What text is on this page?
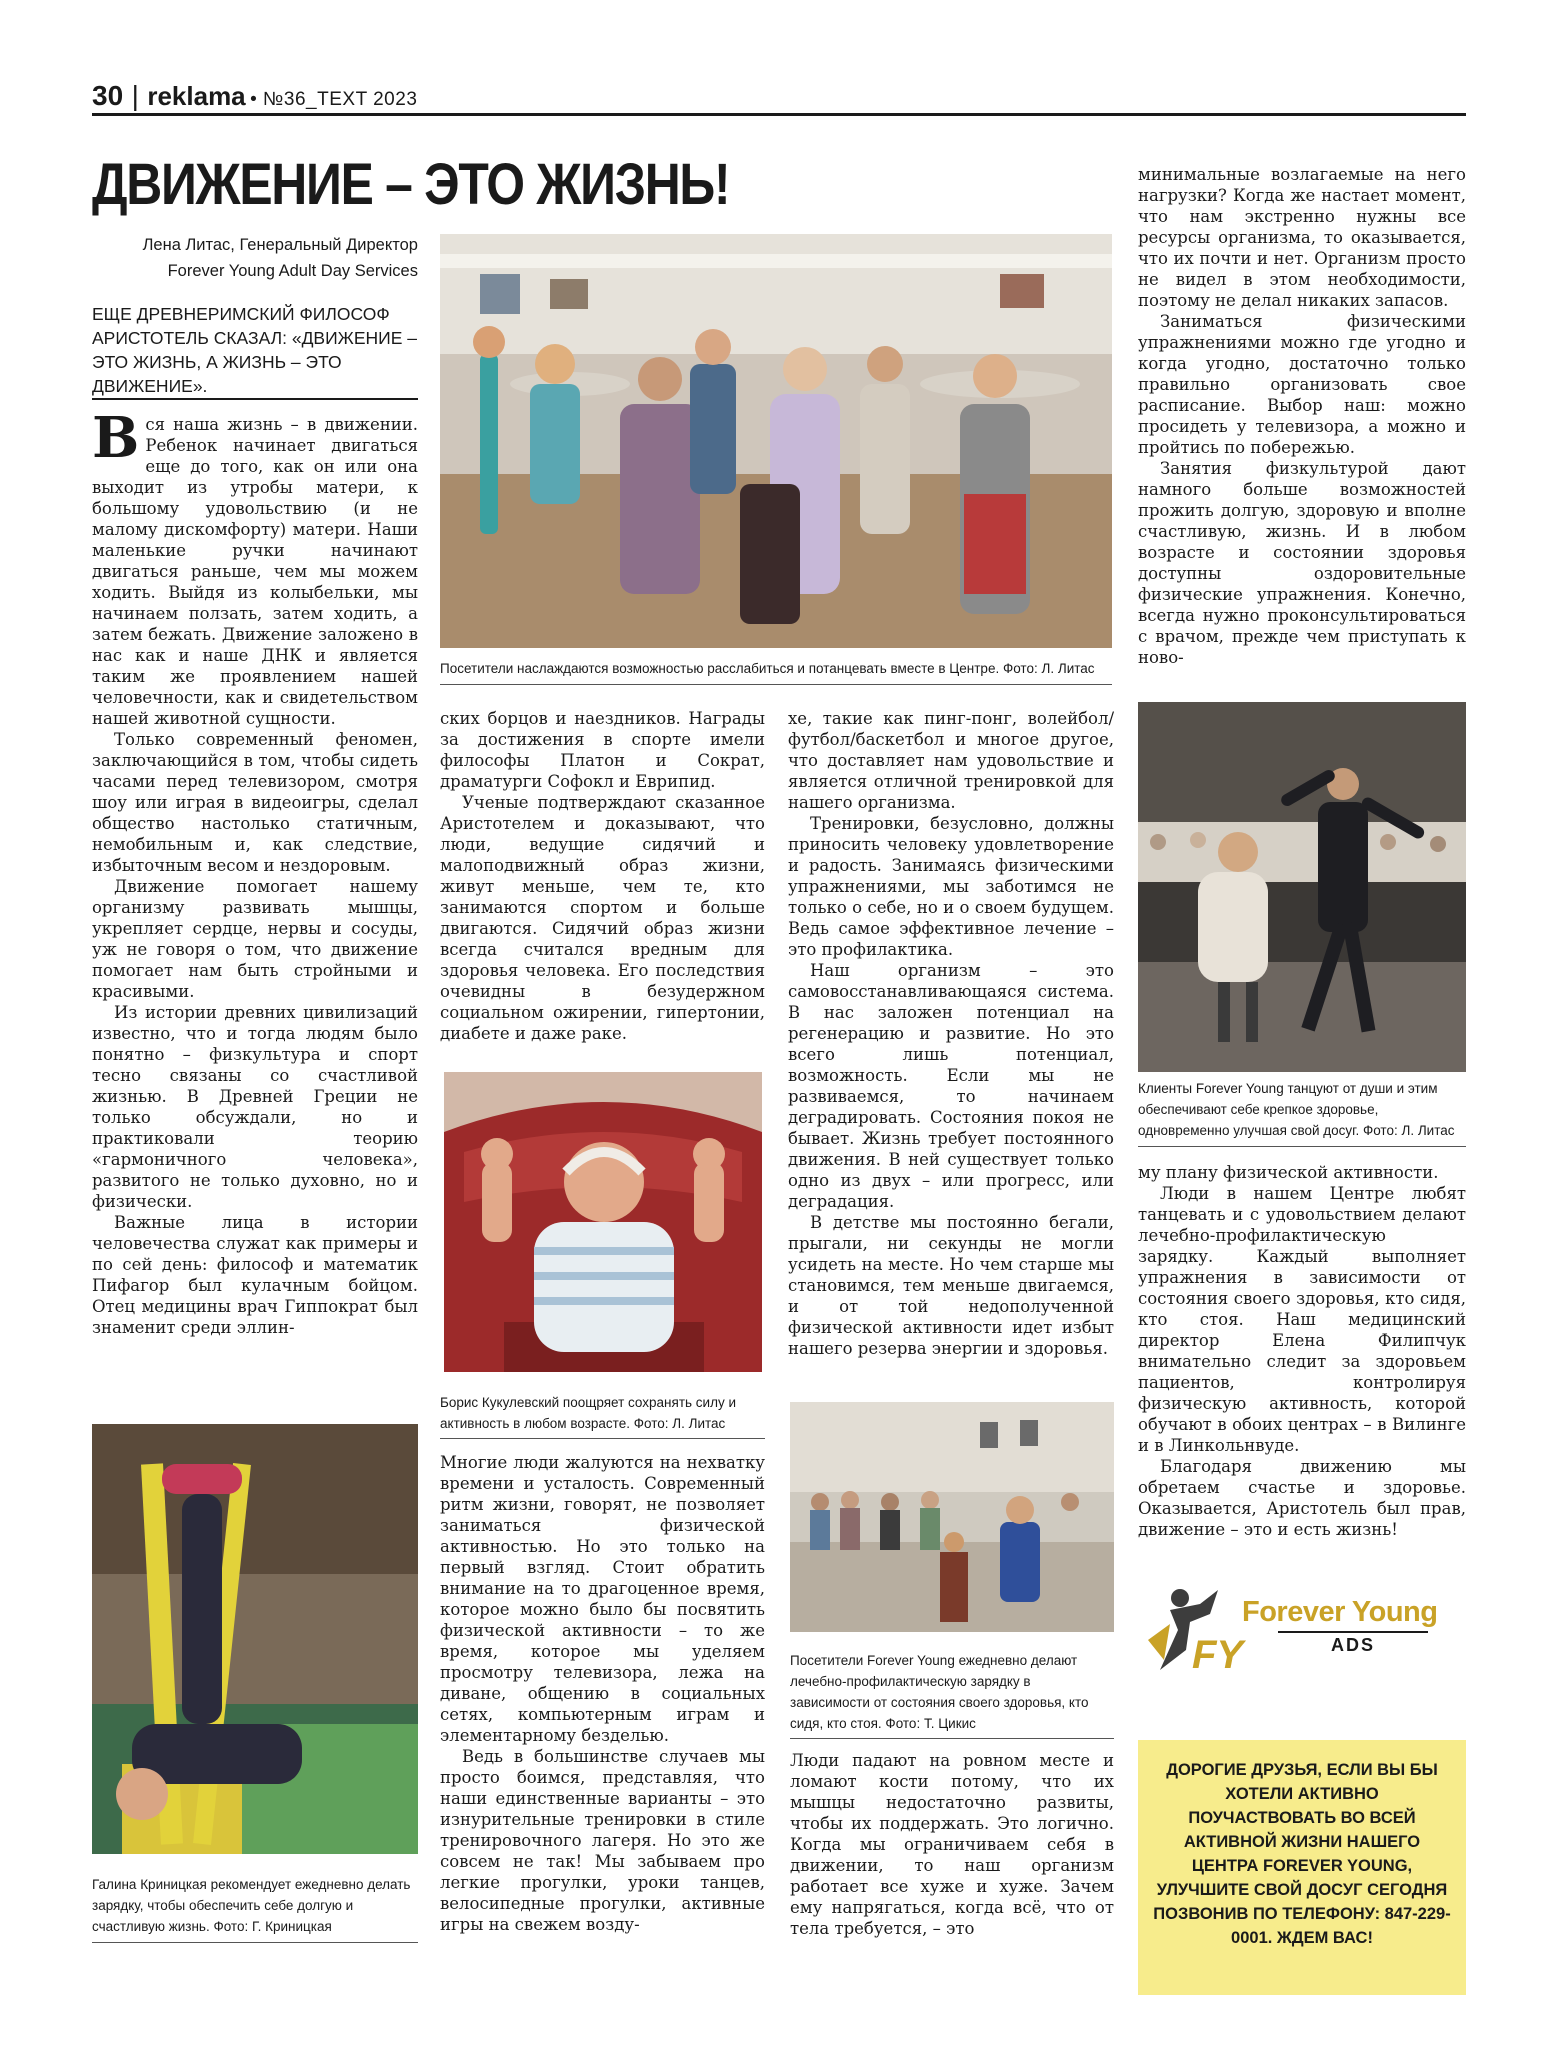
30 | reklama • №36_TEXT 2023
ДВИЖЕНИЕ – ЭТО ЖИЗНЬ!
Лена Литас, Генеральный Директор
Forever Young Adult Day Services
ЕЩЕ ДРЕВНЕРИМСКИЙ ФИЛОСОФ АРИСТОТЕЛЬ СКАЗАЛ: «ДВИЖЕНИЕ – ЭТО ЖИЗНЬ, А ЖИЗНЬ – ЭТО ДВИЖЕНИЕ».

Вся наша жизнь – в движении. Ребенок начинает двигаться еще до того, как он или она выходит из утробы матери, к большому удовольствию (и не малому дискомфорту) матери. Наши маленькие ручки начинают двигаться раньше, чем мы можем ходить. Выйдя из колыбельки, мы начинаем ползать, затем ходить, а затем бежать. Движение заложено в нас как и наше ДНК и является таким же проявлением нашей человечности, как и свидетельством нашей животной сущности.

Только современный феномен, заключающийся в том, чтобы сидеть часами перед телевизором, смотря шоу или играя в видеоигры, сделал общество настолько статичным, немобильным и, как следствие, избыточным весом и нездоровым.

Движение помогает нашему организму развивать мышцы, укрепляет сердце, нервы и сосуды, уж не говоря о том, что движение помогает нам быть стройными и красивыми.

Из истории древних цивилизаций известно, что и тогда людям было понятно – физкультура и спорт тесно связаны со счастливой жизнью. В Древней Греции не только обсуждали, но и практиковали теорию «гармоничного человека», развитого не только духовно, но и физически.

Важные лица в истории человечества служат как примеры и по сей день: философ и математик Пифагор был кулачным бойцом. Отец медицины врач Гиппократ был знаменит среди эллин-

Посетители наслаждаются возможностью расслабиться и потанцевать вместе в Центре. Фото: Л. Литас

минимальные возлагаемые на него нагрузки? Когда же настает момент, что нам экстренно нужны все ресурсы организма, то оказывается, что их почти и нет. Организм просто не видел в этом необходимости, поэтому не делал никаких запасов.

Заниматься физическими упражнениями можно где угодно и когда угодно, достаточно только правильно организовать свое расписание. Выбор наш: можно просидеть у телевизора, а можно и пройтись по побережью.

Занятия физкультурой дают намного больше возможностей прожить долгую, здоровую и вполне счастливую, жизнь. И в любом возрасте и состоянии здоровья доступны оздоровительные физические упражнения. Конечно, всегда нужно проконсультироваться с врачом, прежде чем приступать к ново-

Клиенты Forever Young танцуют от души и этим обеспечивают себе крепкое здоровье, одновременно улучшая свой досуг. Фото: Л. Литас

му плану физической активности.

Люди в нашем Центре любят танцевать и с удовольствием делают лечебно-профилактическую зарядку. Каждый выполняет упражнения в зависимости от состояния своего здоровья, кто сидя, кто стоя. Наш медицинский директор Елена Филипчук внимательно следит за здоровьем пациентов, контролируя физическую активность, которой обучают в обоих центрах – в Вилинге и в Линкольнвуде.

Благодаря движению мы обретаем счастье и здоровье. Оказывается, Аристотель был прав, движение – это и есть жизнь!

FY
Forever Young
ADS
ДОРОГИЕ ДРУЗЬЯ, ЕСЛИ ВЫ БЫ ХОТЕЛИ АКТИВНО ПОУЧАСТВОВАТЬ ВО ВСЕЙ АКТИВНОЙ ЖИЗНИ НАШЕГО ЦЕНТРА FOREVER YOUNG, УЛУЧШИТЕ СВОЙ ДОСУГ СЕГОДНЯ ПОЗВОНИВ ПО ТЕЛЕФОНУ: 847-229-0001. ЖДЕМ ВАС!

ских борцов и наездников. Награды за достижения в спорте имели философы Платон и Сократ, драматурги Софокл и Еврипид.

Ученые подтверждают сказанное Аристотелем и доказывают, что люди, ведущие сидячий и малоподвижный образ жизни, живут меньше, чем те, кто занимаются спортом и больше двигаются. Сидячий образ жизни всегда считался вредным для здоровья человека. Его последствия очевидны в безудержном социальном ожирении, гипертонии, диабете и даже раке.

хе, такие как пинг-понг, волейбол/футбол/баскетбол и многое другое, что доставляет нам удовольствие и является отличной тренировкой для нашего организма.

Тренировки, безусловно, должны приносить человеку удовлетворение и радость. Занимаясь физическими упражнениями, мы заботимся не только о себе, но и о своем будущем. Ведь самое эффективное лечение – это профилактика.

Наш организм – это самовосстанавливающаяся система. В нас заложен потенциал на регенерацию и развитие. Но это всего лишь потенциал, возможность. Если мы не развиваемся, то начинаем деградировать. Состояния покоя не бывает. Жизнь требует постоянного движения. В ней существует только одно из двух – или прогресс, или деградация.

В детстве мы постоянно бегали, прыгали, ни секунды не могли усидеть на месте. Но чем старше мы становимся, тем меньше двигаемся, и от той недополученной физической активности идет избыт нашего резерва энергии и здоровья.

Борис Кукулевский поощряет сохранять силу и активность в любом возрасте. Фото: Л. Литас

Многие люди жалуются на нехватку времени и усталость. Современный ритм жизни, говорят, не позволяет заниматься физической активностью. Но это только на первый взгляд. Стоит обратить внимание на то драгоценное время, которое можно было бы посвятить физической активности – то же время, которое мы уделяем просмотру телевизора, лежа на диване, общению в социальных сетях, компьютерным играм и элементарному безделью.

Ведь в большинстве случаев мы просто боимся, представляя, что наши единственные варианты – это изнурительные тренировки в стиле тренировочного лагеря. Но это же совсем не так! Мы забываем про легкие прогулки, уроки танцев, велосипедные прогулки, активные игры на свежем возду-

Посетители Forever Young ежедневно делают лечебно-профилактическую зарядку в зависимости от состояния своего здоровья, кто сидя, кто стоя. Фото: Т. Цикис

Люди падают на ровном месте и ломают кости потому, что их мышцы недостаточно развиты, чтобы их поддержать. Это логично. Когда мы ограничиваем себя в движении, то наш организм работает все хуже и хуже. Зачем ему напрягаться, когда всё, что от тела требуется, – это

Галина Криницкая рекомендует ежедневно делать зарядку, чтобы обеспечить себе долгую и счастливую жизнь. Фото: Г. Криницкая
